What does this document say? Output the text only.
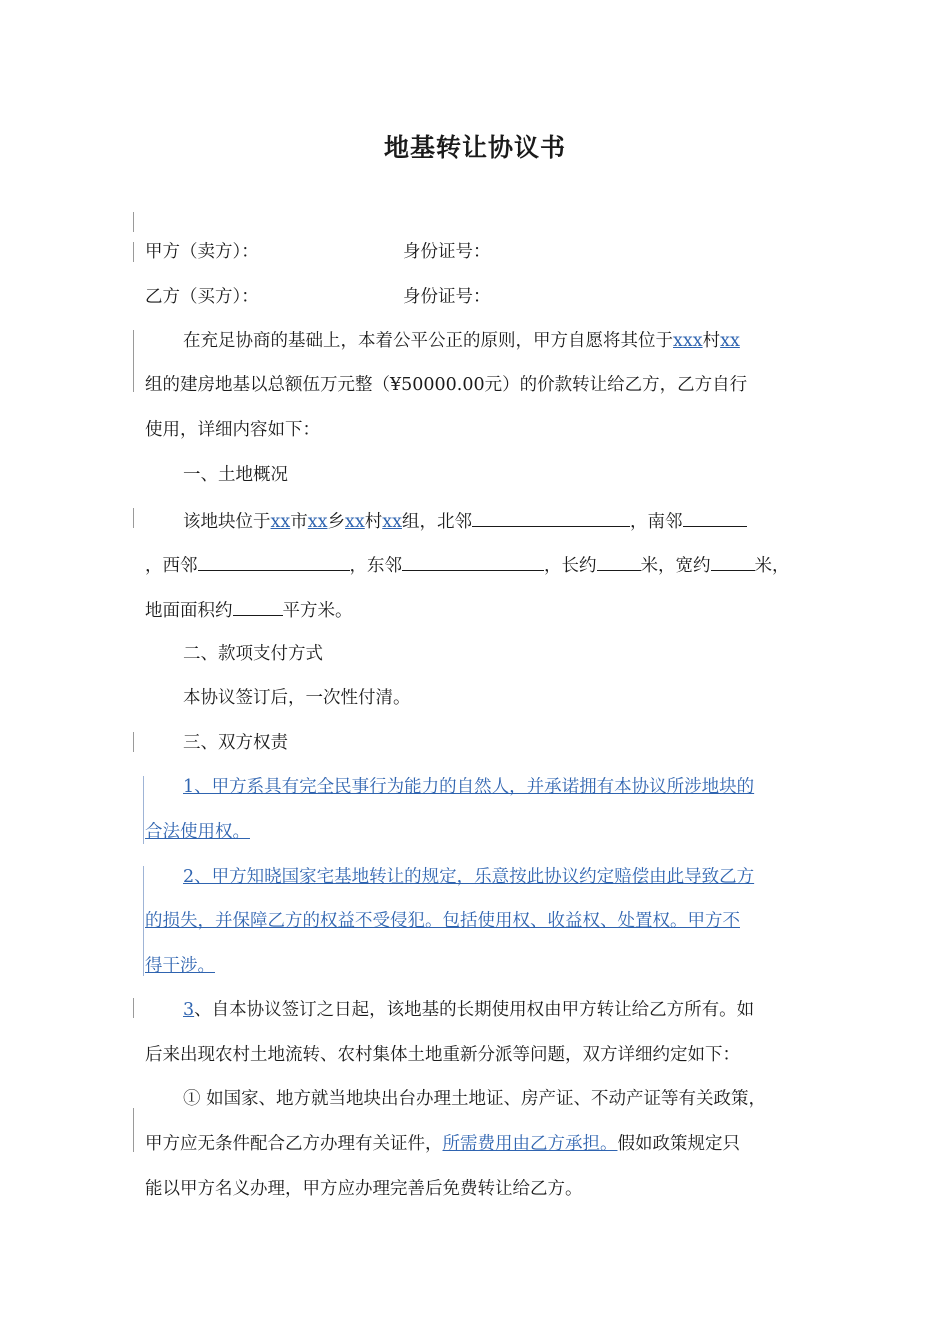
地基转让协议书
甲方（卖方）：	身份证号：
乙方（买方）：	身份证号：
在充足协商的基础上，本着公平公正的原则，甲方自愿将其位于xxx村xx
组的建房地基以总额伍万元整（¥50000.00元）的价款转让给乙方，乙方自行
使用，详细内容如下：
一、土地概况
该地块位于xx市xx乡xx村xx组，北邻	，南邻
，西邻	，东邻	，长约	米，宽约	米，
地面面积约	平方米。
二、款项支付方式
本协议签订后，一次性付清。
三、双方权责
1、甲方系具有完全民事行为能力的自然人，并承诺拥有本协议所涉地块的
合法使用权。
2、甲方知晓国家宅基地转让的规定，乐意按此协议约定赔偿由此导致乙方
的损失，并保障乙方的权益不受侵犯。包括使用权、收益权、处置权。甲方不
得干涉。
3、自本协议签订之日起，该地基的长期使用权由甲方转让给乙方所有。如
后来出现农村土地流转、农村集体土地重新分派等问题，双方详细约定如下：
① 如国家、地方就当地块出台办理土地证、房产证、不动产证等有关政策，
甲方应无条件配合乙方办理有关证件，所需费用由乙方承担。假如政策规定只
能以甲方名义办理，甲方应办理完善后免费转让给乙方。
